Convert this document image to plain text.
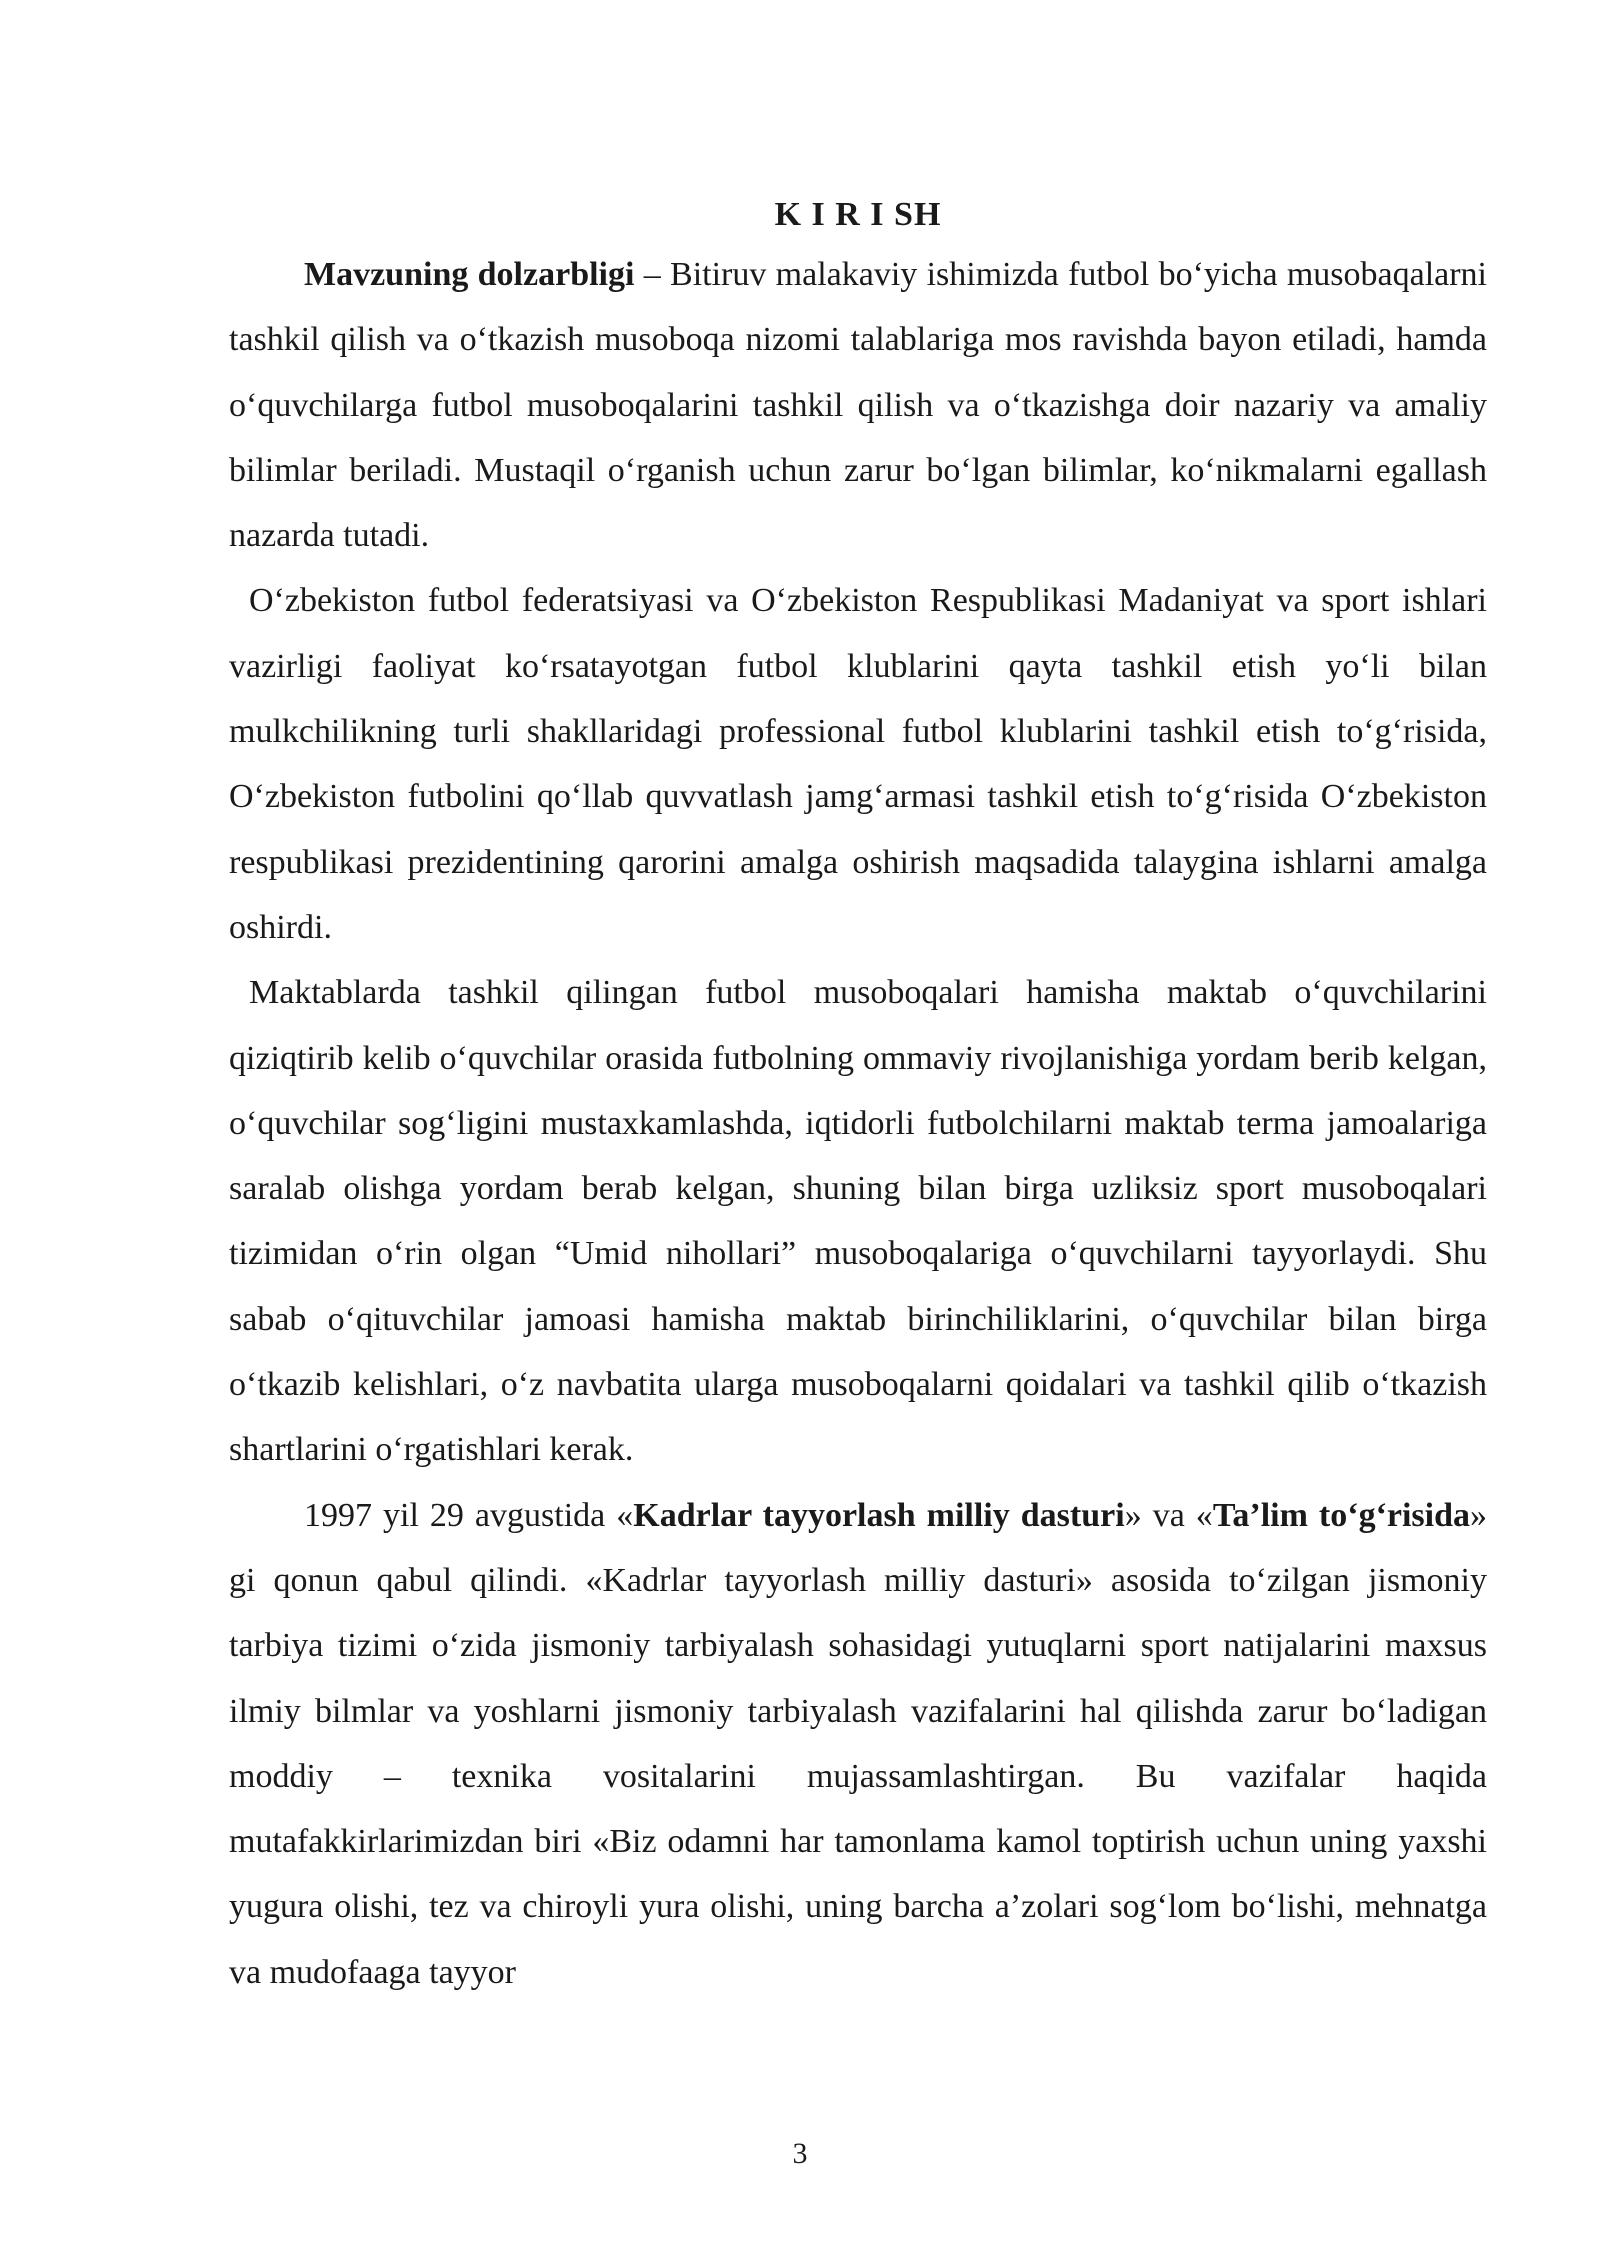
K I R I SH

Mavzuning dolzarbligi – Bitiruv malakaviy ishimizda futbol bo‘yicha musobaqalarni tashkil qilish va o‘tkazish musoboqa nizomi talablariga mos ravishda bayon etiladi, hamda o‘quvchilarga futbol musoboqalarini tashkil qilish va o‘tkazishga doir nazariy va amaliy bilimlar beriladi. Mustaqil o‘rganish uchun zarur bo‘lgan bilimlar, ko‘nikmalarni egallash nazarda tutadi.

O‘zbekiston futbol federatsiyasi va O‘zbekiston Respublikasi Madaniyat va sport ishlari vazirligi faoliyat ko‘rsatayotgan futbol klublarini qayta tashkil etish yo‘li bilan mulkchilikning turli shakllaridagi professional futbol klublarini tashkil etish to‘g‘risida, O‘zbekiston futbolini qo‘llab quvvatlash jamg‘armasi tashkil etish to‘g‘risida O‘zbekiston respublikasi prezidentining qarorini amalga oshirish maqsadida talaygina ishlarni amalga oshirdi.

Maktablarda tashkil qilingan futbol musoboqalari hamisha maktab o‘quvchilarini qiziqtirib kelib o‘quvchilar orasida futbolning ommaviy rivojlanishiga yordam berib kelgan, o‘quvchilar sog‘ligini mustaxkamlashda, iqtidorli futbolchilarni maktab terma jamoalariga saralab olishga yordam berab kelgan, shuning bilan birga uzliksiz sport musoboqalari tizimidan o‘rin olgan “Umid nihollari” musoboqalariga o‘quvchilarni tayyorlaydi. Shu sabab o‘qituvchilar jamoasi hamisha maktab birinchiliklarini, o‘quvchilar bilan birga o‘tkazib kelishlari, o‘z navbatita ularga musoboqalarni qoidalari va tashkil qilib o‘tkazish shartlarini o‘rgatishlari kerak.

1997 yil 29 avgustida «Kadrlar tayyorlash milliy dasturi» va «Ta’lim to‘g‘risida» gi qonun qabul qilindi. «Kadrlar tayyorlash milliy dasturi» asosida to‘zilgan jismoniy tarbiya tizimi o‘zida jismoniy tarbiyalash sohasidagi yutuqlarni sport natijalarini maxsus ilmiy bilmlar va yoshlarni jismoniy tarbiyalash vazifalarini hal qilishda zarur bo‘ladigan moddiy – texnika vositalarini mujassamlashtirgan. Bu vazifalar haqida mutafakkirlarimizdan biri «Biz odamni har tamonlama kamol toptirish uchun uning yaxshi yugura olishi, tez va chiroyli yura olishi, uning barcha a’zolari sog‘lom bo‘lishi, mehnatga va mudofaaga tayyor

3
